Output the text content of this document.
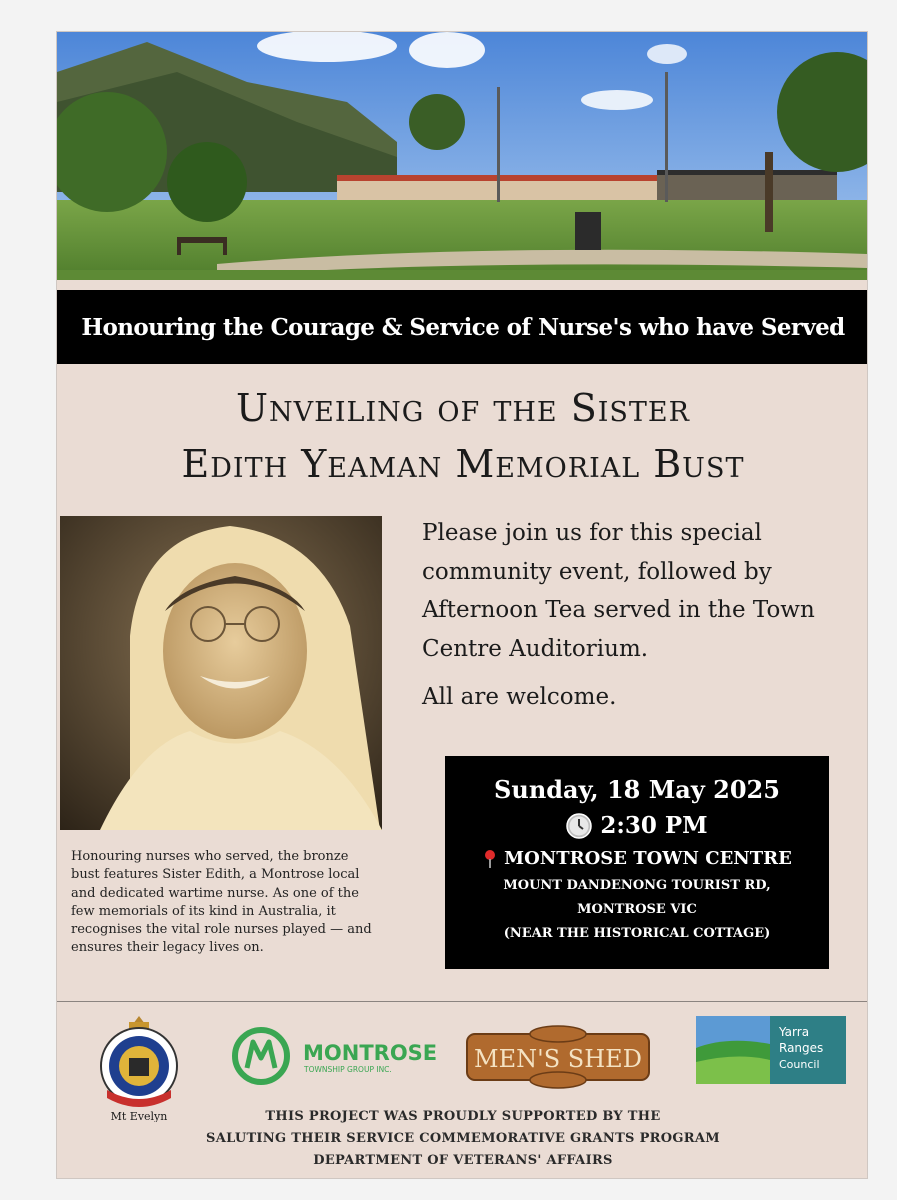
Honouring the Courage & Service of Nurse's who have Served
Unveiling of the Sister
Edith Yeaman Memorial Bust
Honouring nurses who served, the bronze bust features Sister Edith, a Montrose local and dedicated wartime nurse. As one of the few memorials of its kind in Australia, it recognises the vital role nurses played — and ensures their legacy lives on.

Please join us for this special community event, followed by Afternoon Tea served in the Town Centre Auditorium.

All are welcome.

Sunday, 18 May 2025
2:30 PM
MONTROSE TOWN CENTRE
MOUNT DANDENONG TOURIST RD,
MONTROSE VIC
(NEAR THE HISTORICAL COTTAGE)
Mt Evelyn
MONTROSE
TOWNSHIP GROUP INC.	MEN'S SHED
Yarra
Ranges
Council
THIS PROJECT WAS PROUDLY SUPPORTED BY THE
SALUTING THEIR SERVICE COMMEMORATIVE GRANTS PROGRAM
DEPARTMENT OF VETERANS' AFFAIRS
